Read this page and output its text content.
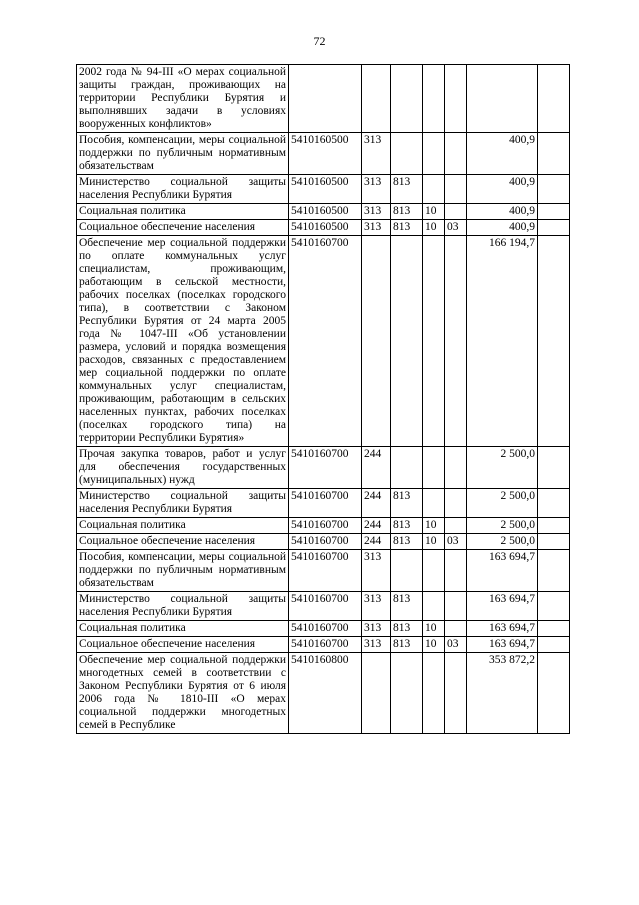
72
2002 года № 94-III «О мерах социальной защиты граждан, проживающих на территории Республики Бурятия и выполнявших задачи в условиях вооруженных конфликтов»							
Пособия, компенсации, меры социальной поддержки по публичным нормативным обязательствам	5410160500	313				400,9	
Министерство социальной защиты населения Республики Бурятия	5410160500	313	813			400,9	
Социальная политика	5410160500	313	813	10		400,9	
Социальное обеспечение населения	5410160500	313	813	10	03	400,9	
Обеспечение мер социальной поддержки по оплате коммунальных услуг специалистам, проживающим, работающим в сельской местности, рабочих поселках (поселках городского типа), в соответствии с Законом Республики Бурятия от 24 марта 2005 года № 1047-III «Об установлении размера, условий и порядка возмещения расходов, связанных с предоставлением мер социальной поддержки по оплате коммунальных услуг специалистам, проживающим, работающим в сельских населенных пунктах, рабочих поселках (поселках городского типа) на территории Республики Бурятия»	5410160700					166 194,7	
Прочая закупка товаров, работ и услуг для обеспечения государственных (муниципальных) нужд	5410160700	244				2 500,0	
Министерство социальной защиты населения Республики Бурятия	5410160700	244	813			2 500,0	
Социальная политика	5410160700	244	813	10		2 500,0	
Социальное обеспечение населения	5410160700	244	813	10	03	2 500,0	
Пособия, компенсации, меры социальной поддержки по публичным нормативным обязательствам	5410160700	313				163 694,7	
Министерство социальной защиты населения Республики Бурятия	5410160700	313	813			163 694,7	
Социальная политика	5410160700	313	813	10		163 694,7	
Социальное обеспечение населения	5410160700	313	813	10	03	163 694,7	
Обеспечение мер социальной поддержки многодетных семей в соответствии с Законом Республики Бурятия от 6 июля 2006 года № 1810-III «О мерах социальной поддержки многодетных семей в Республике	5410160800					353 872,2	
